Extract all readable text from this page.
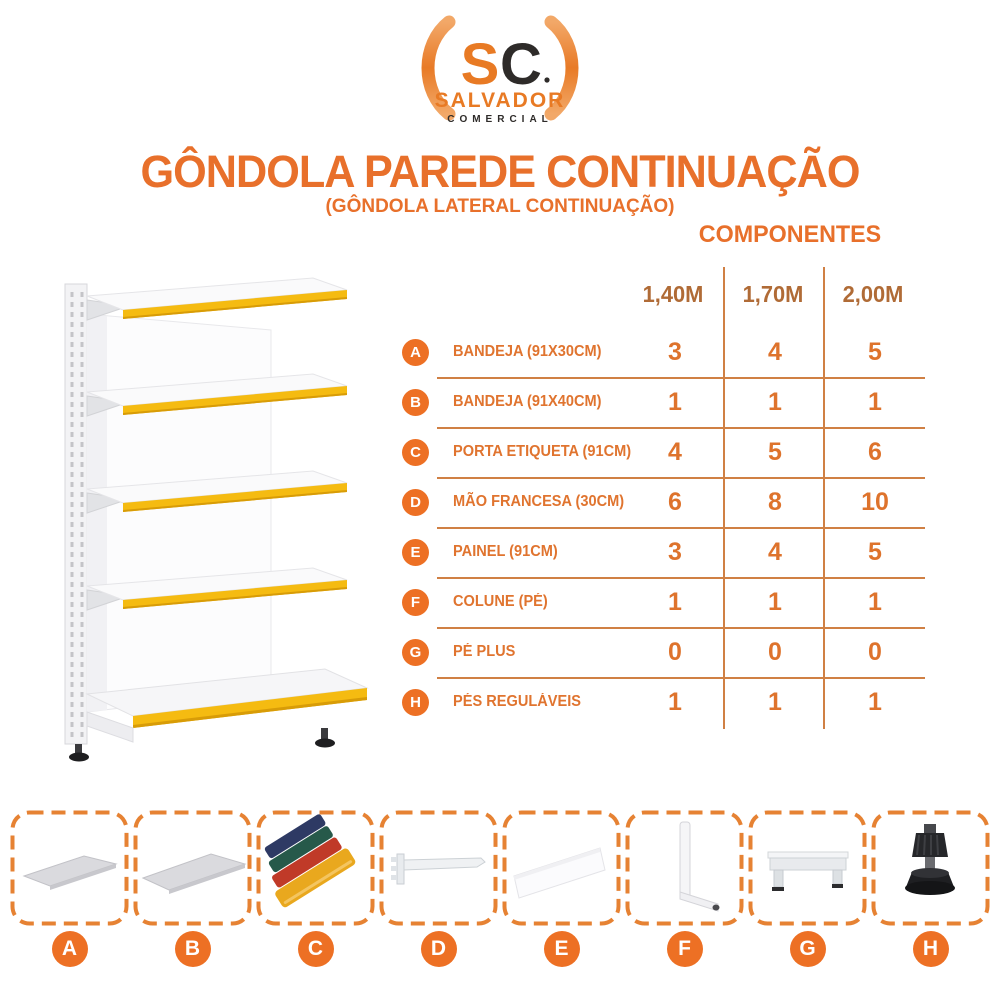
S C
SALVADOR
COMERCIAL
GÔNDOLA PAREDE CONTINUAÇÃO
(GÔNDOLA LATERAL CONTINUAÇÃO)
COMPONENTES
1,40M	1,70M	2,00M
A	BANDEJA (91X30CM)	3	4	5
B	BANDEJA (91X40CM)	1	1	1
C	PORTA ETIQUETA (91CM)	4	5	6
D	MÃO FRANCESA (30CM)	6	8	10
E	PAINEL (91CM)	3	4	5
F	COLUNE (PÉ)	1	1	1
G	PÉ PLUS	0	0	0
H	PÉS REGULÁVEIS	1	1	1
A	B	C	D	E	F	G	H
